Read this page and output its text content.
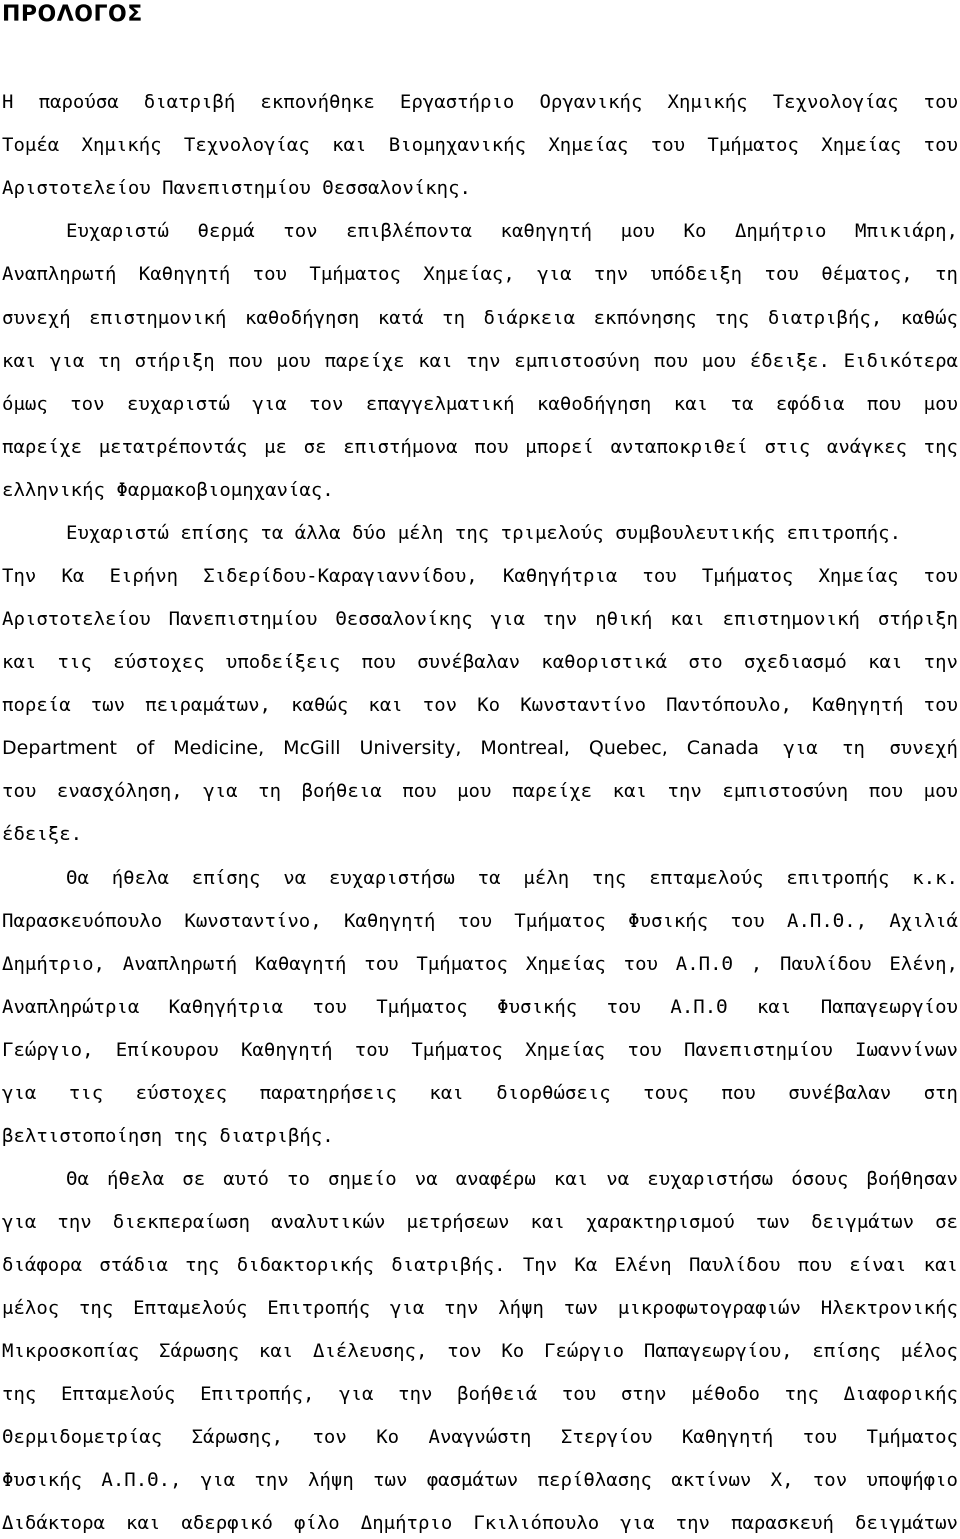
ΠΡΟΛΟΓΟΣ
Η παρούσα διατριβή εκπονήθηκε Εργαστήριο Οργανικής Χημικής Τεχνολογίας του
Τομέα Χημικής Τεχνολογίας και Βιομηχανικής Χημείας του Τμήματος Χημείας του
Αριστοτελείου Πανεπιστημίου Θεσσαλονίκης.
Ευχαριστώ θερμά τον επιβλέποντα καθηγητή μου Κο Δημήτριο Μπικιάρη,
Αναπληρωτή Καθηγητή του Τμήματος Χημείας, για την υπόδειξη του θέματος, τη
συνεχή επιστημονική καθοδήγηση κατά τη διάρκεια εκπόνησης της διατριβής, καθώς
και για τη στήριξη που μου παρείχε και την εμπιστοσύνη που μου έδειξε. Ειδικότερα
όμως τον ευχαριστώ για τον επαγγελματική καθοδήγηση και τα εφόδια που μου
παρείχε μετατρέποντάς με σε επιστήμονα που μπορεί ανταποκριθεί στις ανάγκες της
ελληνικής Φαρμακοβιομηχανίας.
Ευχαριστώ επίσης τα άλλα δύο μέλη της τριμελούς συμβουλευτικής επιτροπής.
Την Κα Ειρήνη Σιδερίδου-Καραγιαννίδου, Καθηγήτρια του Τμήματος Χημείας του
Αριστοτελείου Πανεπιστημίου Θεσσαλονίκης για την ηθική και επιστημονική στήριξη
και τις εύστοχες υποδείξεις που συνέβαλαν καθοριστικά στο σχεδιασμό και την
πορεία των πειραμάτων, καθώς και τον Κο Κωνσταντίνο Παντόπουλο, Καθηγητή του
Department of Medicine, McGill University, Montreal, Quebec, Canada για τη συνεχή
του ενασχόληση, για τη βοήθεια που μου παρείχε και την εμπιστοσύνη που μου
έδειξε.
Θα ήθελα επίσης να ευχαριστήσω τα μέλη της επταμελούς επιτροπής κ.κ.
Παρασκευόπουλο Κωνσταντίνο, Καθηγητή του Τμήματος Φυσικής του Α.Π.Θ., Αχιλιά
Δημήτριο, Αναπληρωτή Καθαγητή του Τμήματος Χημείας του Α.Π.Θ , Παυλίδου Ελένη,
Αναπληρώτρια Καθηγήτρια του Τμήματος Φυσικής του Α.Π.Θ και Παπαγεωργίου
Γεώργιο, Επίκουρου Καθηγητή του Τμήματος Χημείας του Πανεπιστημίου Ιωαννίνων
για τις εύστοχες παρατηρήσεις και διορθώσεις τους που συνέβαλαν στη
βελτιστοποίηση της διατριβής.
Θα ήθελα σε αυτό το σημείο να αναφέρω και να ευχαριστήσω όσους βοήθησαν
για την διεκπεραίωση αναλυτικών μετρήσεων και χαρακτηρισμού των δειγμάτων σε
διάφορα στάδια της διδακτορικής διατριβής. Την Κα Ελένη Παυλίδου που είναι και
μέλος της Επταμελούς Επιτροπής για την λήψη των μικροφωτογραφιών Ηλεκτρονικής
Μικροσκοπίας Σάρωσης και Διέλευσης, τον Κο Γεώργιο Παπαγεωργίου, επίσης μέλος
της Επταμελούς Επιτροπής, για την βοήθειά του στην μέθοδο της Διαφορικής
Θερμιδομετρίας Σάρωσης, τον Κο Αναγνώστη Στεργίου Καθηγητή του Τμήματος
Φυσικής Α.Π.Θ., για την λήψη των φασμάτων περίθλασης ακτίνων Χ, τον υποψήφιο
Διδάκτορα και αδερφικό φίλο Δημήτριο Γκιλιόπουλο για την παρασκευή δειγμάτων
